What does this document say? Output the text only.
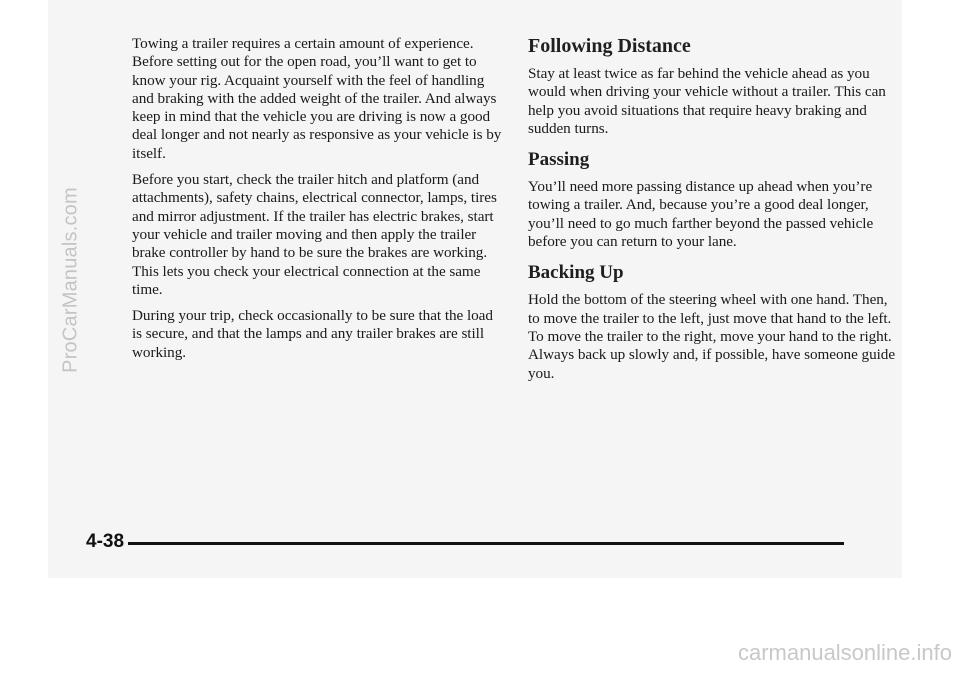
Towing a trailer requires a certain amount of experience. Before setting out for the open road, you’ll want to get to know your rig. Acquaint yourself with the feel of handling and braking with the added weight of the trailer. And always keep in mind that the vehicle you are driving is now a good deal longer and not nearly as responsive as your vehicle is by itself.

Before you start, check the trailer hitch and platform (and attachments), safety chains, electrical connector, lamps, tires and mirror adjustment. If the trailer has electric brakes, start your vehicle and trailer moving and then apply the trailer brake controller by hand to be sure the brakes are working. This lets you check your electrical connection at the same time.

During your trip, check occasionally to be sure that the load is secure, and that the lamps and any trailer brakes are still working.

Following Distance

Stay at least twice as far behind the vehicle ahead as you would when driving your vehicle without a trailer. This can help you avoid situations that require heavy braking and sudden turns.

Passing

You’ll need more passing distance up ahead when you’re towing a trailer. And, because you’re a good deal longer, you’ll need to go much farther beyond the passed vehicle before you can return to your lane.

Backing Up

Hold the bottom of the steering wheel with one hand. Then, to move the trailer to the left, just move that hand to the left. To move the trailer to the right, move your hand to the right. Always back up slowly and, if possible, have someone guide you.

4-38
ProCarManuals.com
carmanualsonline.info
